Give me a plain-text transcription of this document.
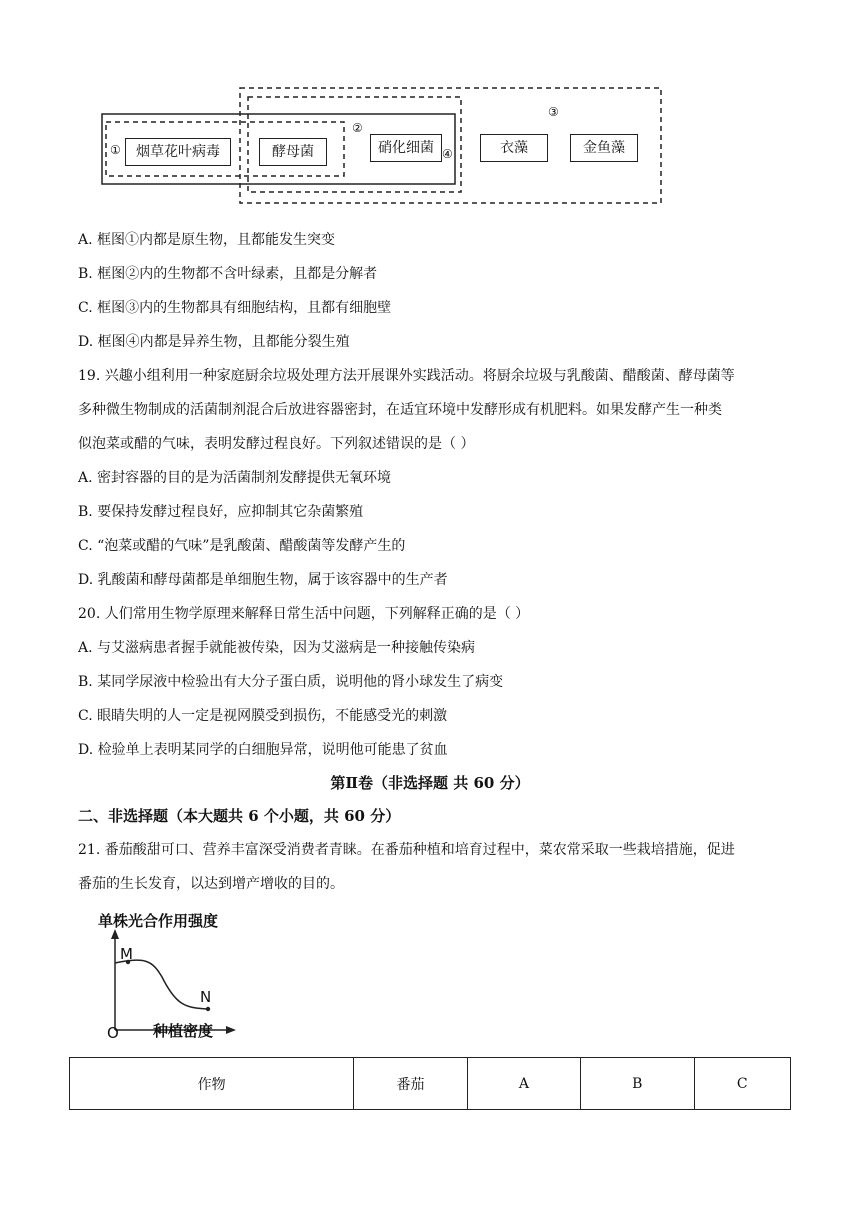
①
②
③
④
烟草花叶病毒	酵母菌	硝化细菌	衣藻	金鱼藻
A. 框图①内都是原生物，且都能发生突变
B. 框图②内的生物都不含叶绿素，且都是分解者
C. 框图③内的生物都具有细胞结构，且都有细胞壁
D. 框图④内都是异养生物，且都能分裂生殖
19. 兴趣小组利用一种家庭厨余垃圾处理方法开展课外实践活动。将厨余垃圾与乳酸菌、醋酸菌、酵母菌等
多种微生物制成的活菌制剂混合后放进容器密封，在适宜环境中发酵形成有机肥料。如果发酵产生一种类
似泡菜或醋的气味，表明发酵过程良好。下列叙述错误的是（ ）
A. 密封容器的目的是为活菌制剂发酵提供无氧环境
B. 要保持发酵过程良好，应抑制其它杂菌繁殖
C. “泡菜或醋的气味”是乳酸菌、醋酸菌等发酵产生的
D. 乳酸菌和酵母菌都是单细胞生物，属于该容器中的生产者
20. 人们常用生物学原理来解释日常生活中问题，下列解释正确的是（ ）
A. 与艾滋病患者握手就能被传染，因为艾滋病是一种接触传染病
B. 某同学尿液中检验出有大分子蛋白质，说明他的肾小球发生了病变
C. 眼睛失明的人一定是视网膜受到损伤，不能感受光的刺激
D. 检验单上表明某同学的白细胞异常，说明他可能患了贫血
第Ⅱ卷（非选择题 共 60 分）
二、非选择题（本大题共 6 个小题，共 60 分）
21. 番茄酸甜可口、营养丰富深受消费者青睐。在番茄种植和培育过程中，菜农常采取一些栽培措施，促进
番茄的生长发育，以达到增产增收的目的。
单株光合作用强度
种植密度
O
M
N
作物	番茄	A	B	C
